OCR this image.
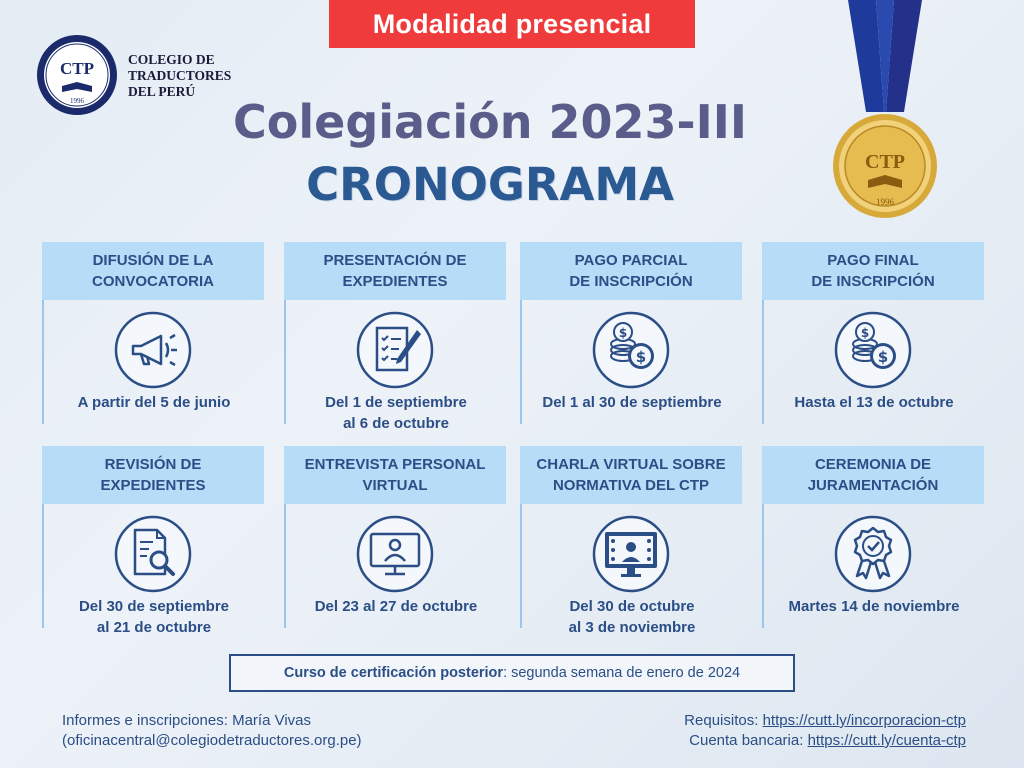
Modalidad presencial
CTP
1996
COLEGIO DE
TRADUCTORES
DEL PERÚ
CTP
1996
Colegiación 2023-III
CRONOGRAMA
DIFUSIÓN DE LA
CONVOCATORIA
A partir del 5 de junio
PRESENTACIÓN DE
EXPEDIENTES
Del 1 de septiembre
al 6 de octubre
PAGO PARCIAL
DE INSCRIPCIÓN
$
$
Del 1 al 30 de septiembre
PAGO FINAL
DE INSCRIPCIÓN
$
$
Hasta el 13 de octubre
REVISIÓN DE
EXPEDIENTES
Del 30 de septiembre
al 21 de octubre
ENTREVISTA PERSONAL
VIRTUAL
Del 23 al 27 de octubre
CHARLA VIRTUAL SOBRE
NORMATIVA DEL CTP
Del 30 de octubre
al 3 de noviembre
CEREMONIA DE
JURAMENTACIÓN
Martes 14 de noviembre
Curso de certificación posterior : segunda semana de enero de 2024
Informes e inscripciones: María Vivas
(oficinacentral@colegiodetraductores.org.pe)
Requisitos: https://cutt.ly/incorporacion-ctp
Cuenta bancaria: https://cutt.ly/cuenta-ctp
